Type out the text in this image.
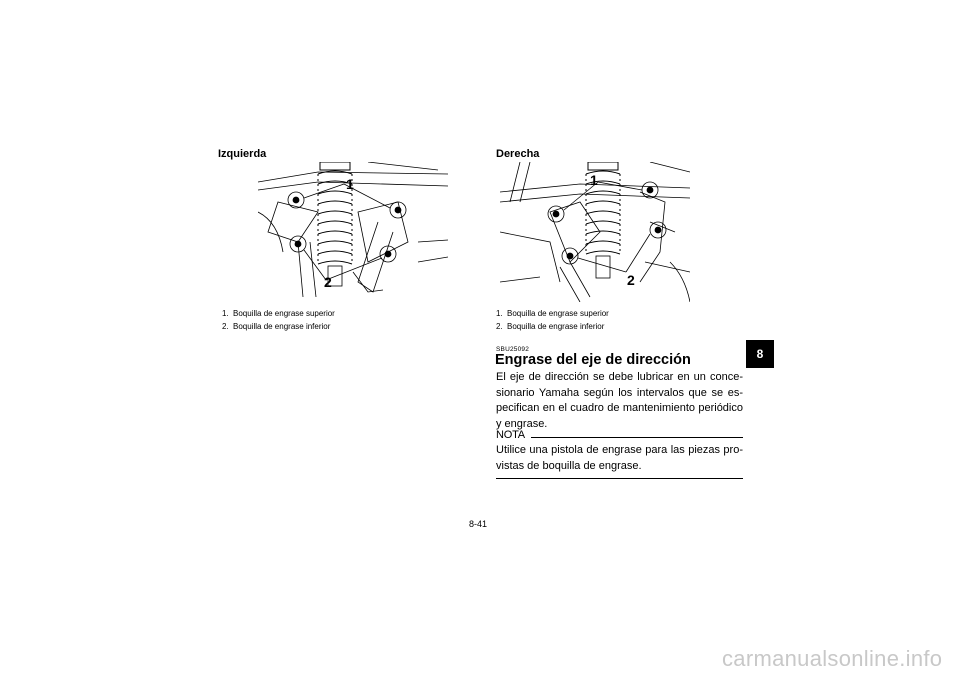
Izquierda
1
2
1. Boquilla de engrase superior
2. Boquilla de engrase inferior
Derecha
1
2
1. Boquilla de engrase superior
2. Boquilla de engrase inferior
SBU25092
Engrase del eje de dirección

El eje de dirección se debe lubricar en un conce-sionario Yamaha según los intervalos que se es-pecifican en el cuadro de mantenimiento periódico y engrase.

NOTA

Utilice una pistola de engrase para las piezas pro-vistas de boquilla de engrase.

8
8-41
carmanualsonline.info
